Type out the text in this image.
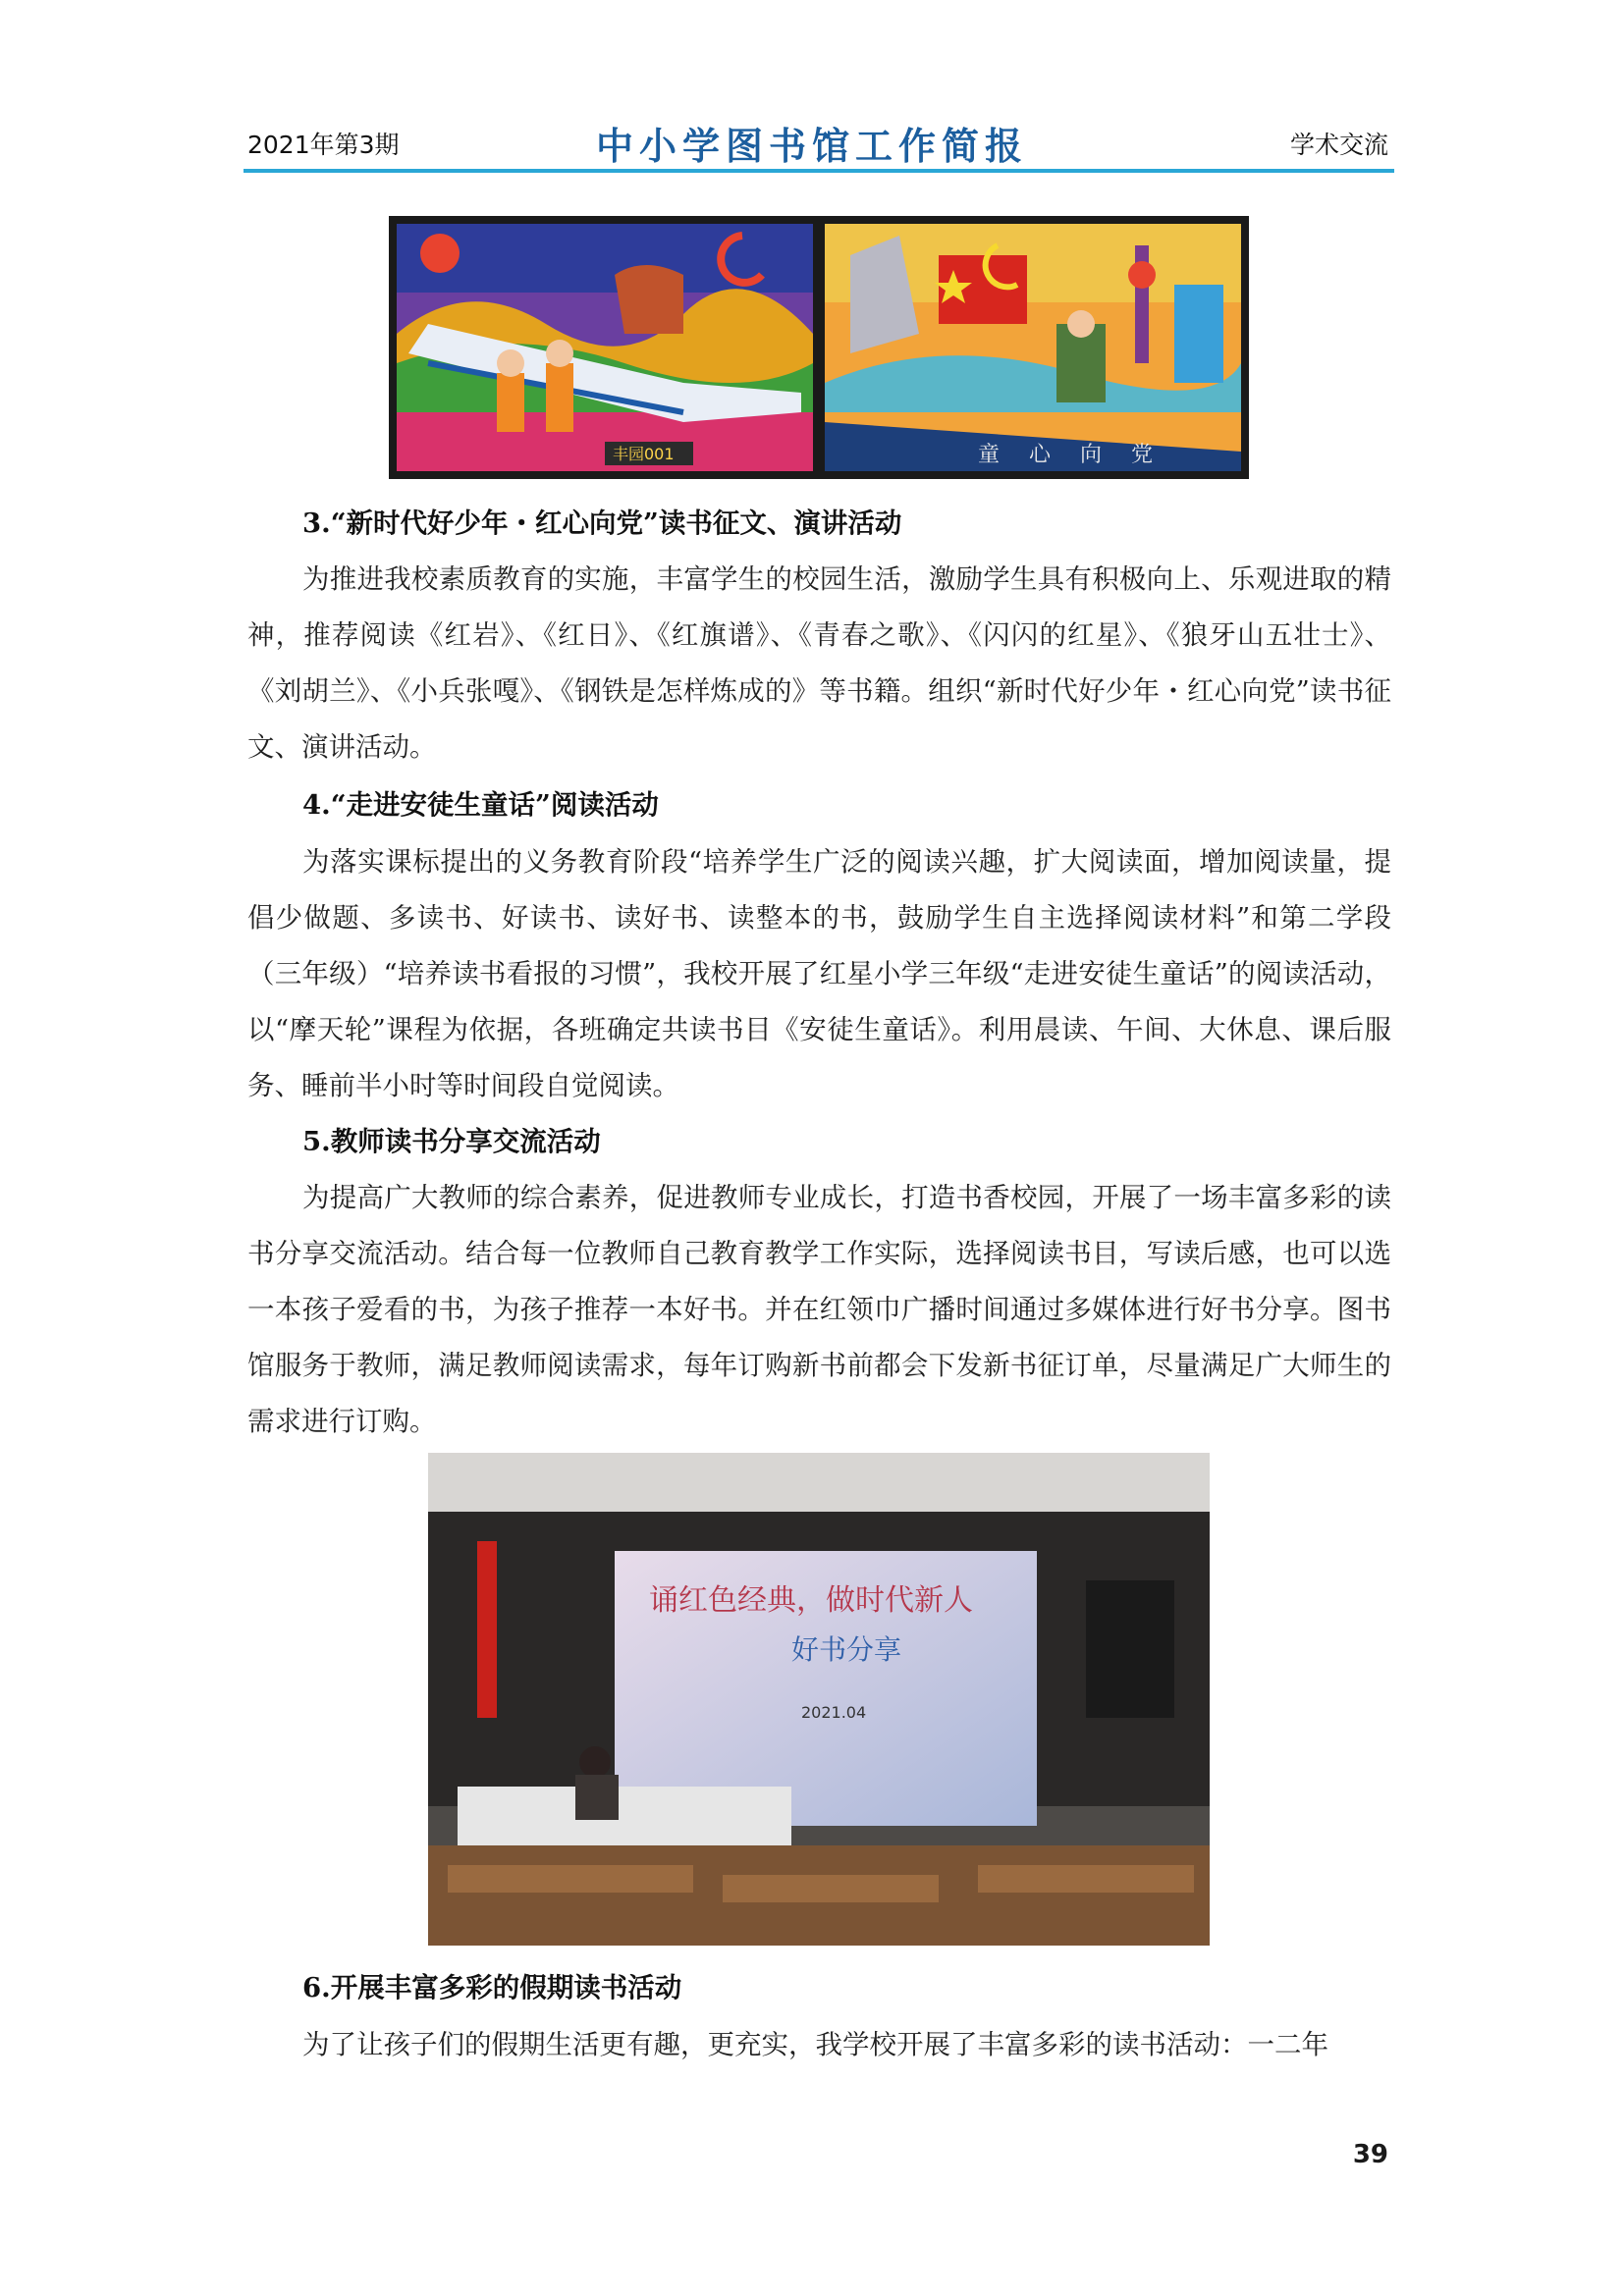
2021年第3期	中小学图书馆工作简报	学术交流
童心向党
丰园001
3.“新时代好少年・红心向党”读书征文、演讲活动
为推进我校素质教育的实施，丰富学生的校园生活，激励学生具有积极向上、乐观进取的精神，推荐阅读《红岩》、《红日》、《红旗谱》、《青春之歌》、《闪闪的红星》、《狼牙山五壮士》、 《刘胡兰》、《小兵张嘎》、《钢铁是怎样炼成的》等书籍。组织“新时代好少年・红心向党”读书征文、演讲活动。
4.“走进安徒生童话”阅读活动
为落实课标提出的义务教育阶段“培养学生广泛的阅读兴趣，扩大阅读面，增加阅读量，提倡少做题、多读书、好读书、读好书、读整本的书，鼓励学生自主选择阅读材料”和第二学段（三年级）“培养读书看报的习惯”，我校开展了红星小学三年级“走进安徒生童话”的阅读活动，以“摩天轮”课程为依据，各班确定共读书目《安徒生童话》。利用晨读、午间、大休息、课后服务、睡前半小时等时间段自觉阅读。
5.教师读书分享交流活动
为提高广大教师的综合素养，促进教师专业成长，打造书香校园，开展了一场丰富多彩的读书分享交流活动。结合每一位教师自己教育教学工作实际，选择阅读书目，写读后感，也可以选一本孩子爱看的书，为孩子推荐一本好书。并在红领巾广播时间通过多媒体进行好书分享。图书馆服务于教师，满足教师阅读需求，每年订购新书前都会下发新书征订单，尽量满足广大师生的需求进行订购。
诵红色经典，做时代新人
好书分享
2021.04
6.开展丰富多彩的假期读书活动
为了让孩子们的假期生活更有趣，更充实，我学校开展了丰富多彩的读书活动：一二年
39
